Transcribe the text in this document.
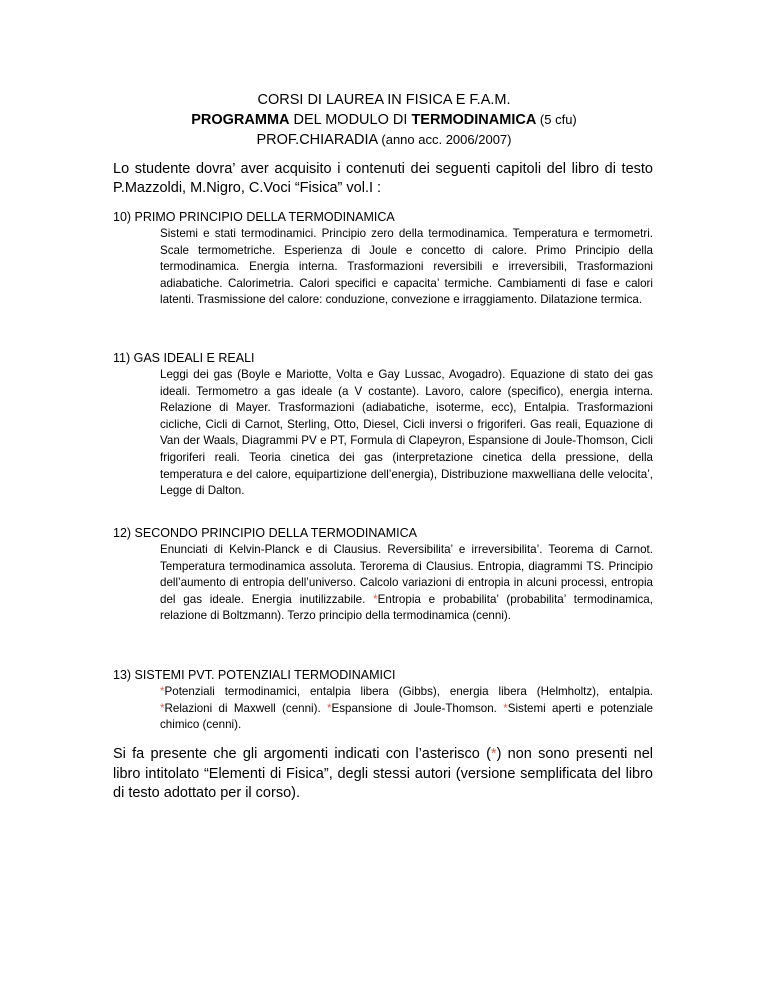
CORSI DI LAUREA IN FISICA E F.A.M.
PROGRAMMA DEL MODULO DI TERMODINAMICA (5 cfu)
PROF.CHIARADIA (anno acc. 2006/2007)
Lo studente dovra’ aver acquisito i contenuti dei seguenti capitoli del libro di testo P.Mazzoldi, M.Nigro, C.Voci “Fisica” vol.I :
10) PRIMO PRINCIPIO DELLA TERMODINAMICA
Sistemi e stati termodinamici. Principio zero della termodinamica. Temperatura e termometri. Scale termometriche. Esperienza di Joule e concetto di calore. Primo Principio della termodinamica. Energia interna. Trasformazioni reversibili e irreversibili, Trasformazioni adiabatiche. Calorimetria. Calori specifici e capacita’ termiche. Cambiamenti di fase e calori latenti. Trasmissione del calore: conduzione, convezione e irraggiamento. Dilatazione termica.
11) GAS IDEALI E REALI
Leggi dei gas (Boyle e Mariotte, Volta e Gay Lussac, Avogadro). Equazione di stato dei gas ideali. Termometro a gas ideale (a V costante). Lavoro, calore (specifico), energia interna. Relazione di Mayer. Trasformazioni (adiabatiche, isoterme, ecc), Entalpia. Trasformazioni cicliche, Cicli di Carnot, Sterling, Otto, Diesel, Cicli inversi o frigoriferi. Gas reali, Equazione di Van der Waals, Diagrammi PV e PT, Formula di Clapeyron, Espansione di Joule-Thomson, Cicli frigoriferi reali. Teoria cinetica dei gas (interpretazione cinetica della pressione, della temperatura e del calore, equipartizione dell’energia), Distribuzione maxwelliana delle velocita’, Legge di Dalton.
12) SECONDO PRINCIPIO DELLA TERMODINAMICA
Enunciati di Kelvin-Planck e di Clausius. Reversibilita’ e irreversibilita’. Teorema di Carnot. Temperatura termodinamica assoluta. Terorema di Clausius. Entropia, diagrammi TS. Principio dell’aumento di entropia dell’universo. Calcolo variazioni di entropia in alcuni processi, entropia del gas ideale. Energia inutilizzabile. *Entropia e probabilita’ (probabilita’ termodinamica, relazione di Boltzmann). Terzo principio della termodinamica (cenni).
13) SISTEMI PVT. POTENZIALI TERMODINAMICI
*Potenziali termodinamici, entalpia libera (Gibbs), energia libera (Helmholtz), entalpia. *Relazioni di Maxwell (cenni). *Espansione di Joule-Thomson. *Sistemi aperti e potenziale chimico (cenni).
Si fa presente che gli argomenti indicati con l’asterisco (*) non sono presenti nel libro intitolato “Elementi di Fisica”, degli stessi autori (versione semplificata del libro di testo adottato per il corso).
